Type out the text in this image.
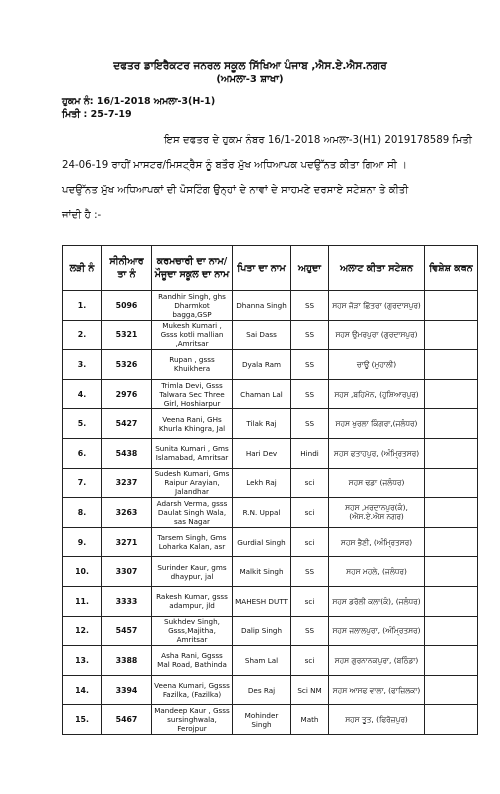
ਦਫਤਰ ਡਾਇਰੈਕਟਰ ਜਨਰਲ ਸਕੂਲ ਸਿੱਖਿਆ ਪੰਜਾਬ ,ਐਸ.ਏ.ਐਸ.ਨਗਰ
(ਅਮਲਾ-3 ਸ਼ਾਖਾ)
ਹੁਕਮ ਨੰ: 16/1-2018 ਅਮਲਾ-3(H-1)
ਮਿਤੀ : 25-7-19
ਇਸ ਦਫਤਰ ਦੇ ਹੁਕਮ ਨੰਬਰ 16/1-2018 ਅਮਲਾ-3(H1) 2019178589 ਮਿਤੀ
24-06-19 ਰਾਹੀਂ ਮਾਸਟਰ/ਮਿਸਟ੍ਰੈਸ ਨੂੰ ਬਤੌਰ ਮੁੱਖ ਅਧਿਆਪਕ ਪਦਉੱਨਤ ਕੀਤਾ ਗਿਆ ਸੀ ।
ਪਦਉੱਨਤ ਮੁੱਖ ਅਧਿਆਪਕਾਂ ਦੀ ਪੋਸਟਿੰਗ ਉਨ੍ਹਾਂ ਦੇ ਨਾਵਾਂ ਦੇ ਸਾਹਮਣੇ ਦਰਸਾਏ ਸਟੇਸ਼ਨਾ ਤੇ ਕੀਤੀ
ਜਾਂਦੀ ਹੈ :-
ਲੜੀ ਨੰ	ਸੀਨੀਆਰ ਤਾ ਨੰ	ਕਰਮਚਾਰੀ ਦਾ ਨਾਮ/ਮੌਜੂਦਾ ਸਕੂਲ ਦਾ ਨਾਮ	ਪਿਤਾ ਦਾ ਨਾਮ	ਅਹੁਦਾ	ਅਲਾਟ ਕੀਤਾ ਸਟੇਸ਼ਨ	ਵਿਸ਼ੇਸ਼ ਕਥਨ
1.	5096	Randhir Singh, ghs Dharmkot bagga,GSP	Dhanna Singh	SS	ਸਹਸ ਜੋੜਾ ਛਿੱਤਰਾ (ਗੁਰਦਾਸਪੁਰ)	
2.	5321	Mukesh Kumari , Gsss kotli mallian ,Amritsar	Sai Dass	SS	ਸਹਸ ਉਮਰਪੁਰਾ (ਗੁਰਦਾਸਪੁਰ)	
3.	5326	Rupan , gsss Khuikhera	Dyala Ram	SS	ਚਾਊ (ਮੁਹਾਲੀ)	
4.	2976	Trimla Devi, Gsss Talwara Sec Three Girl, Hoshiarpur	Chaman Lal	SS	ਸਹਸ ,ਬਹਿਮੋਨ, (ਹੁਸ਼ਿਆਰਪੁਰ)	
5.	5427	Veena Rani, GHs Khurla Khingra, Jal	Tilak Raj	SS	ਸਹਸ ਖੁਰਲਾ ਕਿੰਗਰਾ,(ਜਲੰਧਰ)	
6.	5438	Sunita Kumari , Gms Islamabad, Amritsar	Hari Dev	Hindi	ਸਹਸ ਫਤਾਹਪੁਰ, (ਅੰਮ੍ਰਿਤਸਰ)	
7.	3237	Sudesh Kumari, Gms Raipur Arayian, Jalandhar	Lekh Raj	sci	ਸਹਸ ਢਡਾ (ਜਲੰਧਰ)	
8.	3263	Adarsh Verma, gsss Daulat Singh Wala, sas Nagar	R.N. Uppal	sci	ਸਹਸ ,ਮਰਦਾਨਪੁਰ(ਕੰ), (ਐਸ.ਏ.ਐਸ ਨਗਰ)	
9.	3271	Tarsem Singh, Gms Loharka Kalan, asr	Gurdial Singh	sci	ਸਹਸ ਭੈਣੀ, (ਅੰਮ੍ਰਿਤਸਰ)	
10.	3307	Surinder Kaur, gms dhaypur, jal	Malkit Singh	SS	ਸਹਸ ਮਹਲੇ, (ਜਲੰਧਰ)	
11.	3333	Rakesh Kumar, gsss adampur, jld	MAHESH DUTT	sci	ਸਹਸ ਡਰੋਲੀ ਕਲਾ(ਕੰ), (ਜਲੰਧਰ)	
12.	5457	Sukhdev Singh, Gsss,Majitha, Amritsar	Dalip Singh	SS	ਸਹਸ ਜਲਾਲਪੁਰਾ, (ਅੰਮ੍ਰਿਤਸਰ)	
13.	3388	Asha Rani, Ggsss Mal Road, Bathinda	Sham Lal	sci	ਸਹਸ ਗੁਰਨਾਨਕਪੁਰਾ, (ਬਠਿੰਡਾ)	
14.	3394	Veena Kumari, Ggsss Fazilka, (Fazilka)	Des Raj	Sci NM	ਸਹਸ ਆਸਫ ਵਾਲਾ, (ਫਾਜ਼ਿਲਕਾ)	
15.	5467	Mandeep Kaur , Gsss sursinghwala, Ferojpur	Mohinder Singh	Math	ਸਹਸ ਤੂਤ, (ਫਿਰੋਜ਼ਪੁਰ)	
